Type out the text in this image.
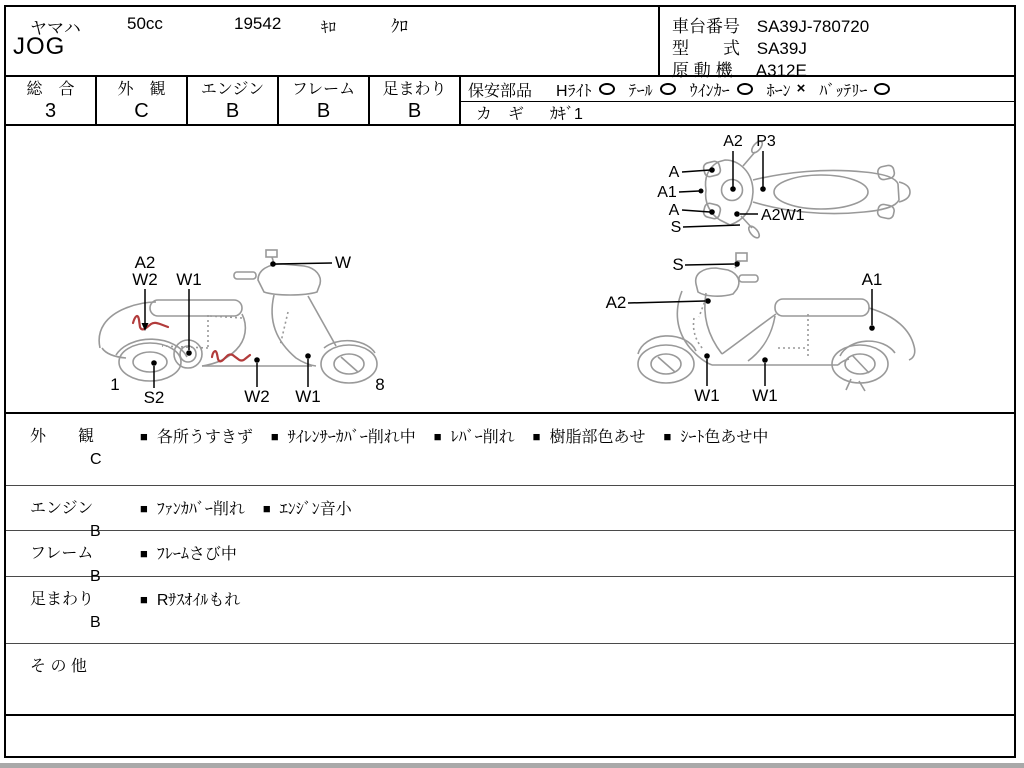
ヤマハ	50cc	19542	ｷﾛ	ｸﾛ
JOG
車台番号 SA39J-780720
型　　式 SA39J
原 動 機 A312E
総　合
3
外　観
C
エンジン
B
フレーム
B
足まわり
B
保安部品 Hﾗｲﾄ ﾃｰﾙ ｳｲﾝｶｰ ﾎｰﾝ × ﾊﾞｯﾃﾘｰ
カ　ギ ｶｷﾞ1
A2 P3
A
A1
A
S
A2W1
A2
W2 W1
W
1
S2	W2 W1
8
S
A2
A1
W1 W1
外　　観
C
■ 各所うすきず ■ ｻｲﾚﾝｻｰｶﾊﾞｰ削れ中 ■ ﾚﾊﾞｰ削れ ■ 樹脂部色あせ ■ ｼｰﾄ色あせ中
エンジン
B
■ ﾌｧﾝｶﾊﾞｰ削れ ■ ｴﾝｼﾞﾝ音小
フレーム
B
■ ﾌﾚｰﾑさび中
足まわり
B
■ Rｻｽｵｲﾙもれ
そ の 他
